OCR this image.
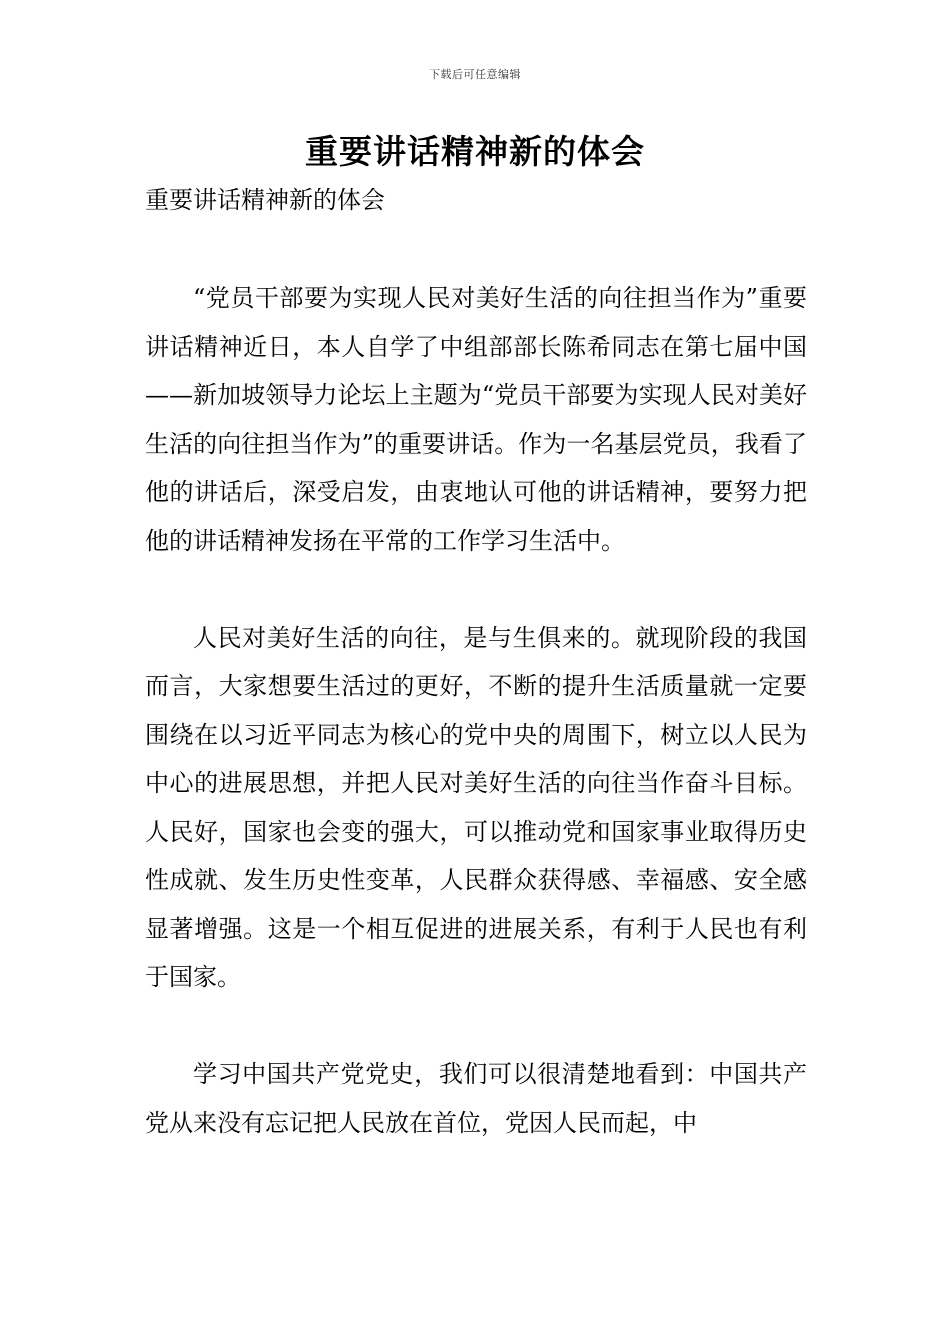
下载后可任意编辑
重要讲话精神新的体会

重要讲话精神新的体会

“党员干部要为实现人民对美好生活的向往担当作为”重要讲话精神近日，本人自学了中组部部长陈希同志在第七届中国——新加坡领导力论坛上主题为“党员干部要为实现人民对美好生活的向往担当作为”的重要讲话。作为一名基层党员，我看了他的讲话后，深受启发，由衷地认可他的讲话精神，要努力把他的讲话精神发扬在平常的工作学习生活中。

人民对美好生活的向往，是与生俱来的。就现阶段的我国而言，大家想要生活过的更好，不断的提升生活质量就一定要围绕在以习近平同志为核心的党中央的周围下，树立以人民为中心的进展思想，并把人民对美好生活的向往当作奋斗目标。人民好，国家也会变的强大，可以推动党和国家事业取得历史性成就、发生历史性变革，人民群众获得感、幸福感、安全感显著增强。这是一个相互促进的进展关系，有利于人民也有利于国家。

学习中国共产党党史，我们可以很清楚地看到：中国共产党从来没有忘记把人民放在首位，党因人民而起，中
